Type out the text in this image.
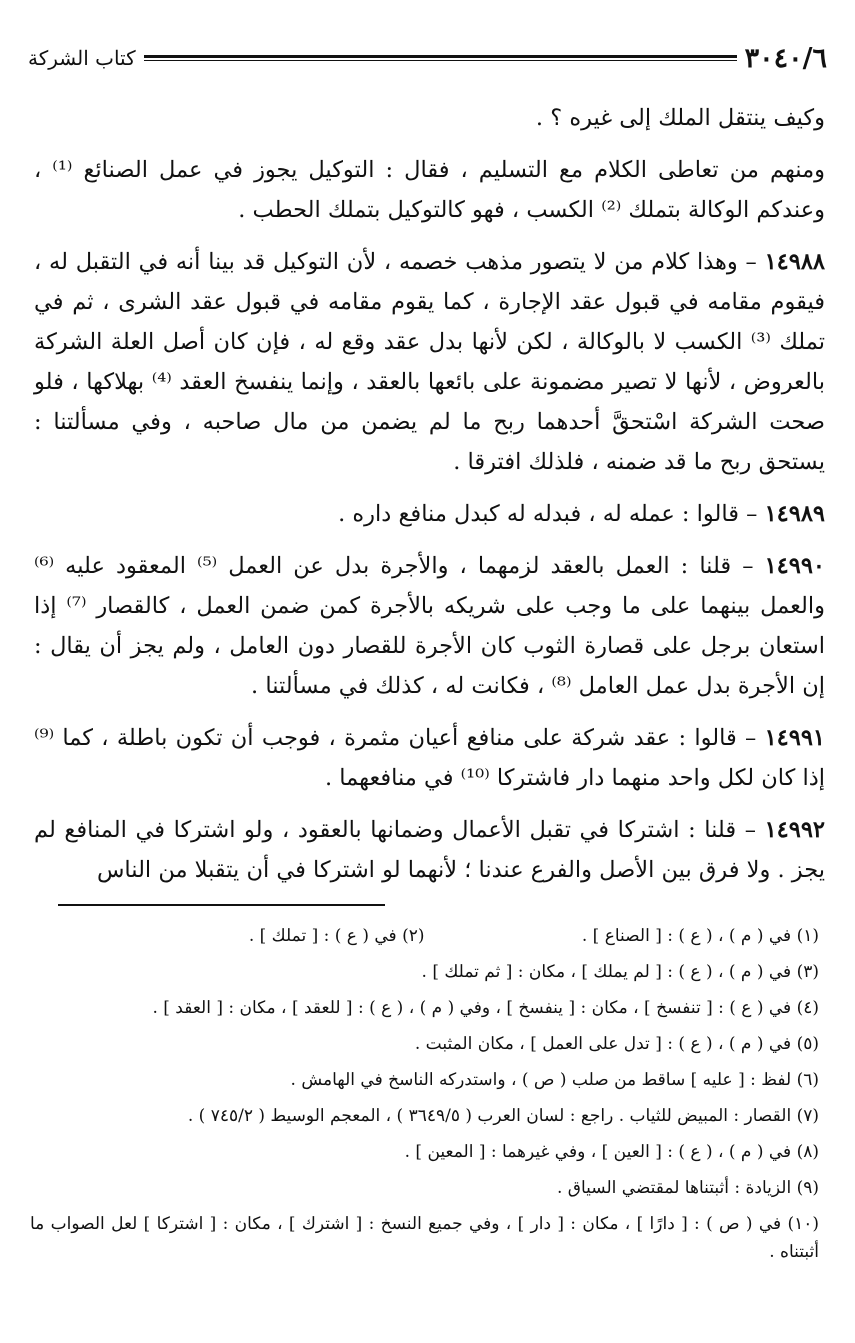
٣٠٤٠/٦
كتاب الشركة

وكيف ينتقل الملك إلى غيره ؟ .

ومنهم من تعاطى الكلام مع التسليم ، فقال : التوكيل يجوز في عمل الصنائع ⁽¹⁾ ، وعندكم الوكالة بتملك ⁽²⁾ الكسب ، فهو كالتوكيل بتملك الحطب .

١٤٩٨٨ – وهذا كلام من لا يتصور مذهب خصمه ، لأن التوكيل قد بينا أنه في التقبل له ، فيقوم مقامه في قبول عقد الإجارة ، كما يقوم مقامه في قبول عقد الشرى ، ثم في تملك ⁽³⁾ الكسب لا بالوكالة ، لكن لأنها بدل عقد وقع له ، فإن كان أصل العلة الشركة بالعروض ، لأنها لا تصير مضمونة على بائعها بالعقد ، وإنما ينفسخ العقد ⁽⁴⁾ بهلاكها ، فلو صحت الشركة اسْتحقَّ أحدهما ربح ما لم يضمن من مال صاحبه ، وفي مسألتنا : يستحق ربح ما قد ضمنه ، فلذلك افترقا .

١٤٩٨٩ – قالوا : عمله له ، فبدله له كبدل منافع داره .

١٤٩٩٠ – قلنا : العمل بالعقد لزمهما ، والأجرة بدل عن العمل ⁽⁵⁾ المعقود عليه ⁽⁶⁾ والعمل بينهما على ما وجب على شريكه بالأجرة كمن ضمن العمل ، كالقصار ⁽⁷⁾ إذا استعان برجل على قصارة الثوب كان الأجرة للقصار دون العامل ، ولم يجز أن يقال : إن الأجرة بدل عمل العامل ⁽⁸⁾ ، فكانت له ، كذلك في مسألتنا .

١٤٩٩١ – قالوا : عقد شركة على منافع أعيان مثمرة ، فوجب أن تكون باطلة ، كما ⁽⁹⁾ إذا كان لكل واحد منهما دار فاشتركا ⁽¹⁰⁾ في منافعهما .

١٤٩٩٢ – قلنا : اشتركا في تقبل الأعمال وضمانها بالعقود ، ولو اشتركا في المنافع لم يجز . ولا فرق بين الأصل والفرع عندنا ؛ لأنهما لو اشتركا في أن يتقبلا من الناس

(١) في ( م ) ، ( ع ) : [ الصناع ] .

(٢) في ( ع ) : [ تملك ] .

(٣) في ( م ) ، ( ع ) : [ لم يملك ] ، مكان : [ ثم تملك ] .

(٤) في ( ع ) : [ تنفسخ ] ، مكان : [ ينفسخ ] ، وفي ( م ) ، ( ع ) : [ للعقد ] ، مكان : [ العقد ] .

(٥) في ( م ) ، ( ع ) : [ تدل على العمل ] ، مكان المثبت .

(٦) لفظ : [ عليه ] ساقط من صلب ( ص ) ، واستدركه الناسخ في الهامش .

(٧) القصار : المبيض للثياب . راجع : لسان العرب ( ٣٦٤٩/٥ ) ، المعجم الوسيط ( ٧٤٥/٢ ) .

(٨) في ( م ) ، ( ع ) : [ العين ] ، وفي غيرهما : [ المعين ] .

(٩) الزيادة : أثبتناها لمقتضي السياق .

(١٠) في ( ص ) : [ دارًا ] ، مكان : [ دار ] ، وفي جميع النسخ : [ اشترك ] ، مكان : [ اشتركا ] لعل الصواب ما أثبتناه .
